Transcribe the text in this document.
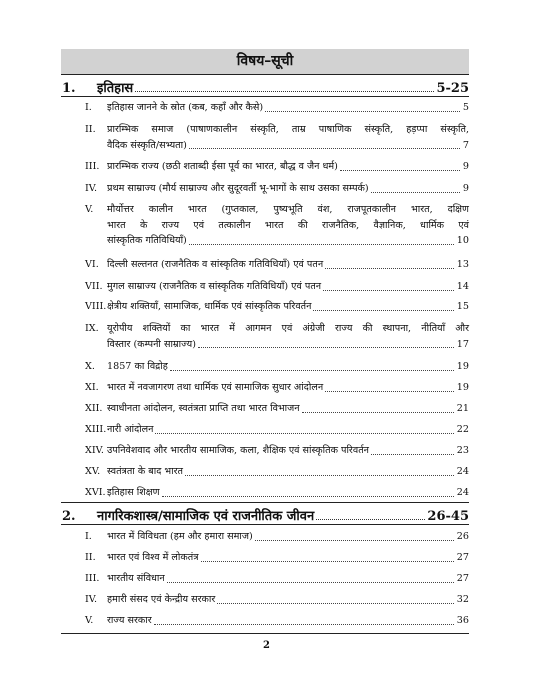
विषय–सूची
1.	इतिहास	5-25
I.	इतिहास जानने के स्रोत (कब, कहाँ और कैसे)	5
II.	प्रारम्भिक समाज (पाषाणकालीन संस्कृति, ताम्र पाषाणिक संस्कृति, हड़प्पा संस्कृति,
वैदिक संस्कृति/सभ्यता)	7
III. प्रारम्भिक राज्य (छठी शताब्दी ईसा पूर्व का भारत, बौद्ध व जैन धर्म)	9
IV.	प्रथम साम्राज्य (मौर्य साम्राज्य और सुदूरवर्ती भू-भागों के साथ उसका सम्पर्क)	9
V.	मौर्योत्तर कालीन भारत (गुप्तकाल, पुष्यभूति वंश, राजपूतकालीन भारत, दक्षिण
भारत के राज्य एवं तत्कालीन भारत की राजनैतिक, वैज्ञानिक, धार्मिक एवं
सांस्कृतिक गतिविधियाँ)	10
VI. दिल्ली सल्तनत (राजनैतिक व सांस्कृतिक गतिविधियाँ) एवं पतन	13
VII. मुगल साम्राज्य (राजनैतिक व सांस्कृतिक गतिविधियाँ) एवं पतन	14
VIII. क्षेत्रीय शक्तियाँ, सामाजिक, धार्मिक एवं सांस्कृतिक परिवर्तन	15
IX. यूरोपीय शक्तियों का भारत में आगमन एवं अंग्रेजी राज्य की स्थापना, नीतियाँ और
विस्तार (कम्पनी साम्राज्य)	17
X.	1857 का विद्रोह	19
XI. भारत में नवजागरण तथा धार्मिक एवं सामाजिक सुधार आंदोलन	19
XII. स्वाधीनता आंदोलन, स्वतंत्रता प्राप्ति तथा भारत विभाजन	21
XIII. नारी आंदोलन	22
XIV. उपनिवेशवाद और भारतीय सामाजिक, कला, शैक्षिक एवं सांस्कृतिक परिवर्तन	23
XV. स्वतंत्रता के बाद भारत	24
XVI. इतिहास शिक्षण	24
2.	नागरिकशास्त्र/सामाजिक एवं राजनीतिक जीवन	26-45
I.	भारत में विविधता (हम और हमारा समाज)	26
II.	भारत एवं विश्व में लोकतंत्र	27
III. भारतीय संविधान	27
IV.	हमारी संसद एवं केन्द्रीय सरकार	32
V.	राज्य सरकार	36
2
